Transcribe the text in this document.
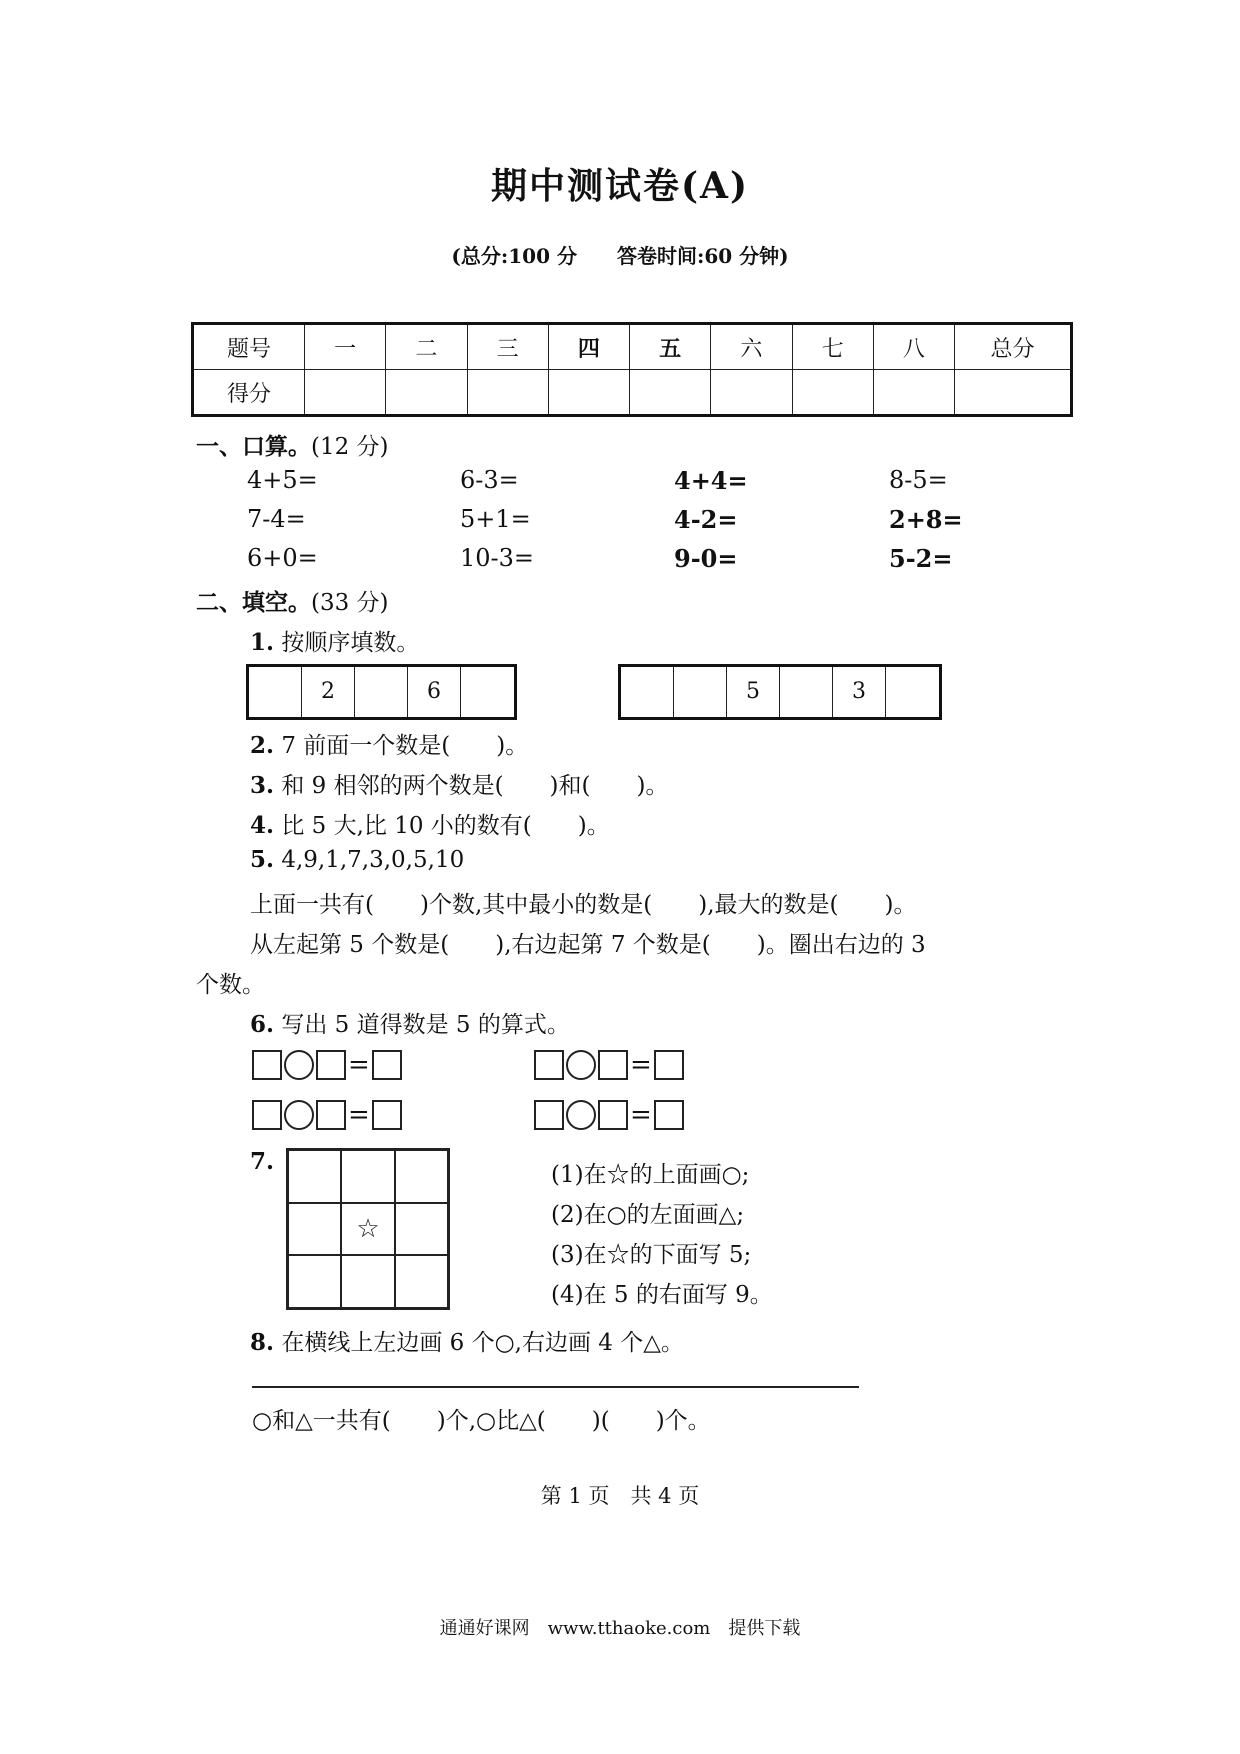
期中测试卷(A)
(总分:100 分　　答卷时间:60 分钟)
题号	一	二	三	四	五	六	七	八	总分
得分									
一、口算。(12 分)
4+5=	6-3=	4+4=	8-5=
7-4=	5+1=	4-2=	2+8=
6+0=	10-3=	9-0=	5-2=
二、填空。(33 分)
1. 按顺序填数。
2	6	5	3
2. 7 前面一个数是(　　)。
3. 和 9 相邻的两个数是(　　)和(　　)。
4. 比 5 大,比 10 小的数有(　　)。
5. 4,9,1,7,3,0,5,10
上面一共有(　　)个数,其中最小的数是(　　),最大的数是(　　)。
从左起第 5 个数是(　　),右边起第 7 个数是(　　)。圈出右边的 3
个数。
6. 写出 5 道得数是 5 的算式。
=	=
=	=
7.
☆
(1)在☆的上面画○;
(2)在○的左面画△;
(3)在☆的下面写 5;
(4)在 5 的右面写 9。
8. 在横线上左边画 6 个○,右边画 4 个△。
○和△一共有(　　)个,○比△(　　)(　　)个。
第 1 页　共 4 页
通通好课网　www.tthaoke.com　提供下载
